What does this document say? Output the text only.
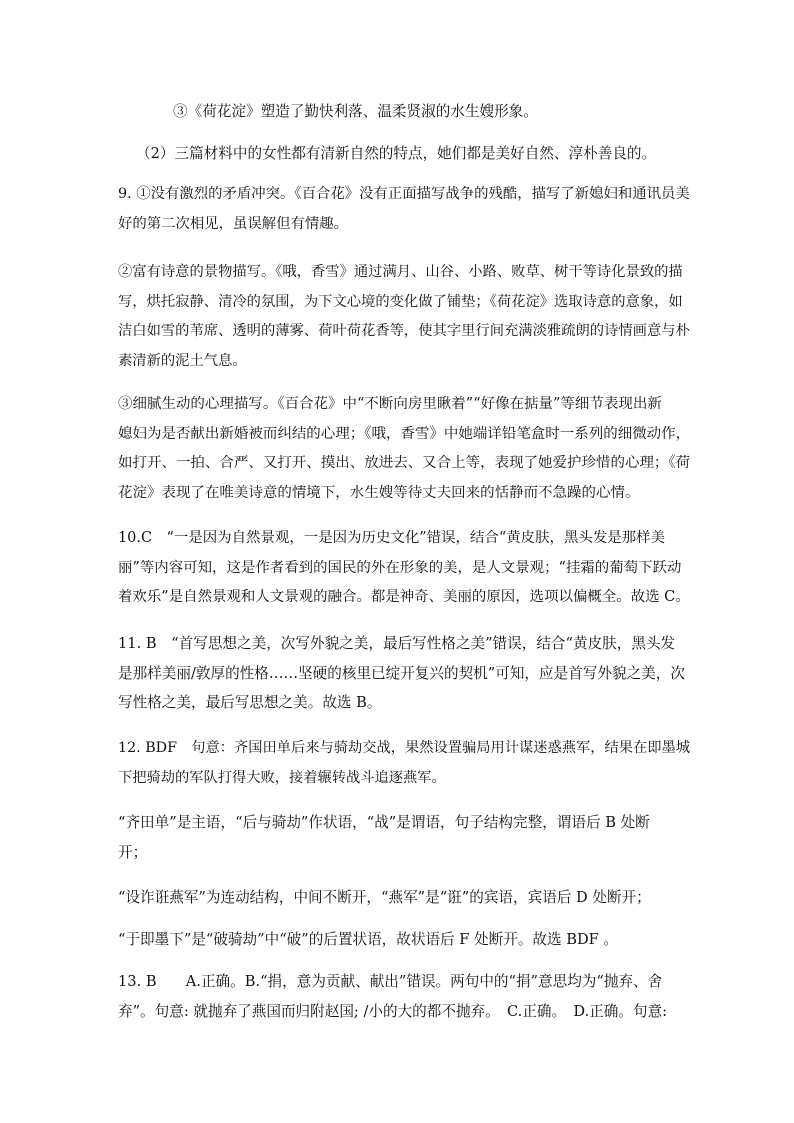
③《荷花淀》塑造了勤快利落、温柔贤淑的水生嫂形象。

（2）三篇材料中的女性都有清新自然的特点，她们都是美好自然、淳朴善良的。

9. ①没有激烈的矛盾冲突。《百合花》没有正面描写战争的残酷，描写了新媳妇和通讯员美
好的第二次相见，虽误解但有情趣。

②富有诗意的景物描写。《哦，香雪》通过满月、山谷、小路、败草、树干等诗化景致的描
写，烘托寂静、清冷的氛围，为下文心境的变化做了铺垫；《荷花淀》选取诗意的意象，如
洁白如雪的苇席、透明的薄雾、荷叶荷花香等，使其字里行间充满淡雅疏朗的诗情画意与朴
素清新的泥土气息。

③细腻生动的心理描写。《百合花》中“不断向房里瞅着”“好像在掂量”等细节表现出新
媳妇为是否献出新婚被而纠结的心理；《哦，香雪》中她端详铅笔盒时一系列的细微动作，
如打开、一拍、合严、又打开、摸出、放进去、又合上等，表现了她爱护珍惜的心理；《荷
花淀》表现了在唯美诗意的情境下，水生嫂等待丈夫回来的恬静而不急躁的心情。

10.C　“一是因为自然景观，一是因为历史文化”错误，结合“黄皮肤，黑头发是那样美
丽”等内容可知，这是作者看到的国民的外在形象的美，是人文景观；“挂霜的葡萄下跃动
着欢乐”是自然景观和人文景观的融合。都是神奇、美丽的原因，选项以偏概全。故选 C。

11. B　“首写思想之美，次写外貌之美，最后写性格之美”错误，结合“黄皮肤，黑头发
是那样美丽/敦厚的性格……坚硬的核里已绽开复兴的契机”可知，应是首写外貌之美，次
写性格之美，最后写思想之美。故选 B。

12. BDF　句意：齐国田单后来与骑劫交战，果然设置骗局用计谋迷惑燕军，结果在即墨城
下把骑劫的军队打得大败，接着辗转战斗追逐燕军。

“齐田单”是主语，“后与骑劫”作状语，“战”是谓语，句子结构完整，谓语后 B 处断
开；

“设诈诳燕军”为连动结构，中间不断开，“燕军”是“诳”的宾语，宾语后 D 处断开；

“于即墨下”是“破骑劫”中“破”的后置状语，故状语后 F 处断开。故选 BDF 。

13. B　　A.正确。B.“捐，意为贡献、献出”错误。两句中的“捐”意思均为“抛弃、舍
弃”。句意: 就抛弃了燕国而归附赵国; /小的大的都不抛弃。　C.正确。　D.正确。句意:
